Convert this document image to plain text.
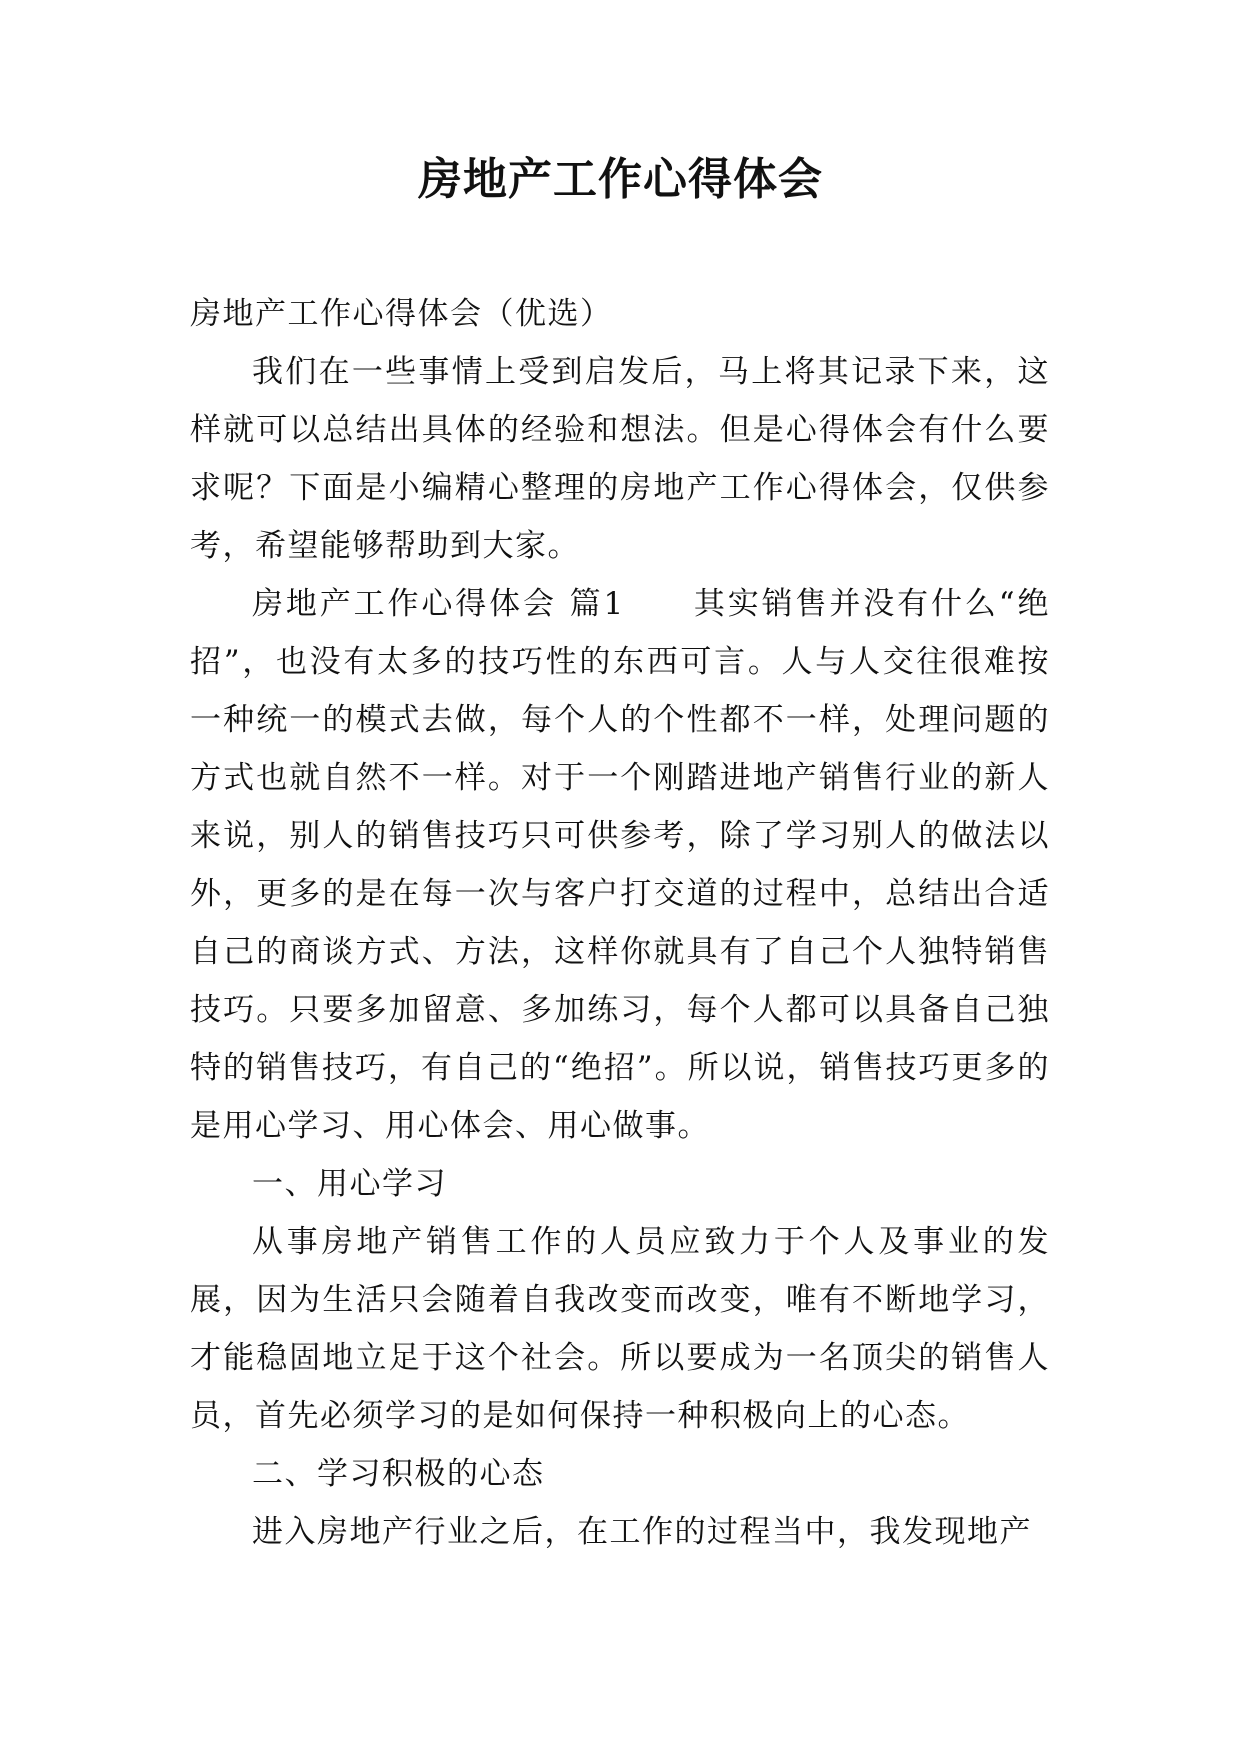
房地产工作心得体会

房地产工作心得体会（优选）

我们在一些事情上受到启发后，马上将其记录下来，这样就可以总结出具体的经验和想法。但是心得体会有什么要求呢？下面是小编精心整理的房地产工作心得体会，仅供参考，希望能够帮助到大家。

房地产工作心得体会 篇1　　其实销售并没有什么“绝招”，也没有太多的技巧性的东西可言。人与人交往很难按一种统一的模式去做，每个人的个性都不一样，处理问题的方式也就自然不一样。对于一个刚踏进地产销售行业的新人来说，别人的销售技巧只可供参考，除了学习别人的做法以外，更多的是在每一次与客户打交道的过程中，总结出合适自己的商谈方式、方法，这样你就具有了自己个人独特销售技巧。只要多加留意、多加练习，每个人都可以具备自己独特的销售技巧，有自己的“绝招”。所以说，销售技巧更多的是用心学习、用心体会、用心做事。

一、用心学习

从事房地产销售工作的人员应致力于个人及事业的发展，因为生活只会随着自我改变而改变，唯有不断地学习，才能稳固地立足于这个社会。所以要成为一名顶尖的销售人员，首先必须学习的是如何保持一种积极向上的心态。

二、学习积极的心态

进入房地产行业之后，在工作的过程当中，我发现地产
